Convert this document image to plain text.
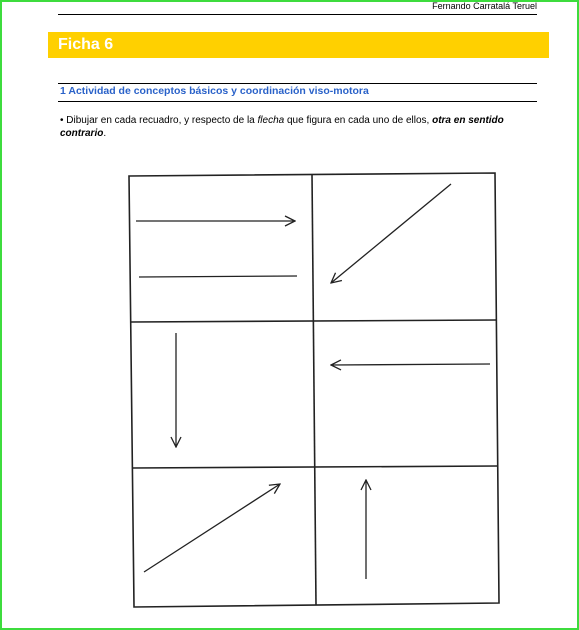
Fernando Carratalá Teruel
Ficha 6
1 Actividad de conceptos básicos y coordinación viso-motora
• Dibujar en cada recuadro, y respecto de la flecha que figura en cada uno de ellos, otra en sentido contrario.
